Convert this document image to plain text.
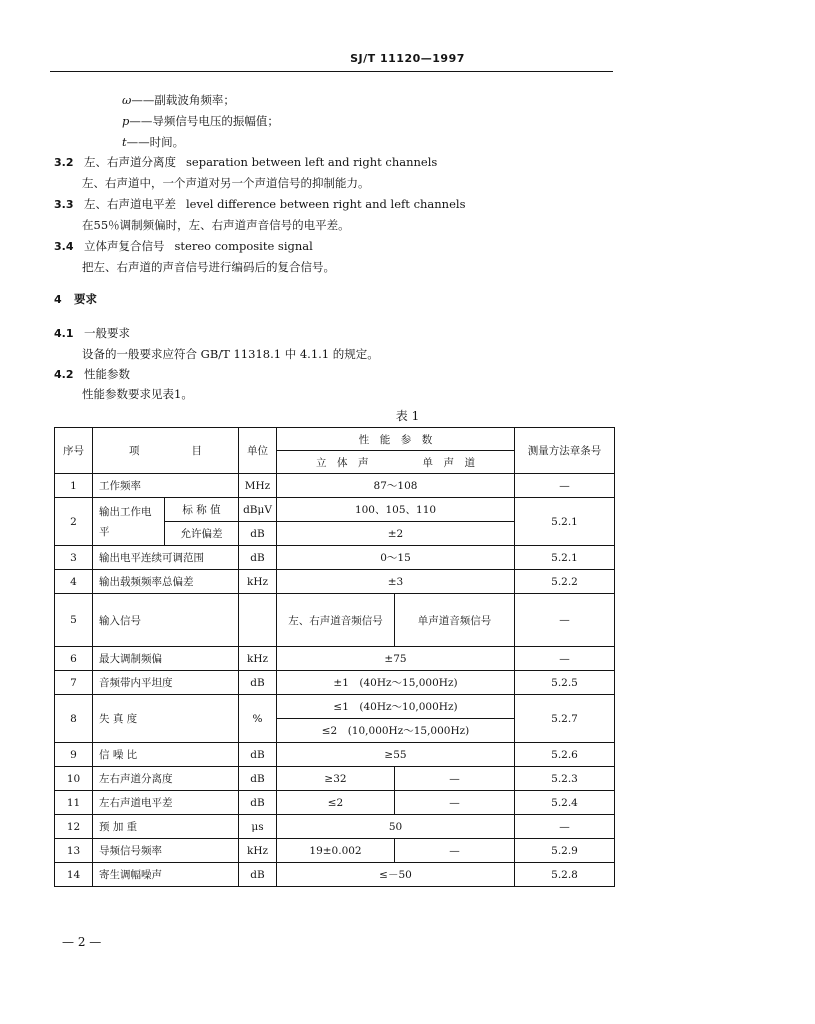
SJ/T 11120—1997
ω——副载波角频率；
p——导频信号电压的振幅值；
t——时间。
3.2 左、右声道分离度 separation between left and right channels
左、右声道中，一个声道对另一个声道信号的抑制能力。
3.3 左、右声道电平差 level difference between right and left channels
在55％调制频偏时，左、右声道声音信号的电平差。
3.4 立体声复合信号 stereo composite signal
把左、右声道的声音信号进行编码后的复合信号。
4 要求
4.1 一般要求
设备的一般要求应符合 GB/T 11318.1 中 4.1.1 的规定。
4.2 性能参数
性能参数要求见表1。
表 1
序号	项 目		单位	性　能　参　数		测量方法章条号
				立　体　声 单　声　道		
1	工作频率		MHz	87～108		—
2	输出工作电平	标 称 值	dBμV	100、105、110		5.2.1
		允许偏差	dB	±2		
3	输出电平连续可调范围		dB	0～15		5.2.1
4	输出载频频率总偏差		kHz	±3		5.2.2
5	输入信号			左、右声道音频信号	单声道音频信号	—
6	最大调制频偏		kHz	±75		—
7	音频带内平坦度		dB	±1　(40Hz～15,000Hz)		5.2.5
8	失 真 度		%	≤1　(40Hz～10,000Hz)		5.2.7
				≤2　(10,000Hz～15,000Hz)		
9	信 噪 比		dB	≥55		5.2.6
10	左右声道分离度		dB	≥32	—	5.2.3
11	左右声道电平差		dB	≤2	—	5.2.4
12	预 加 重		μs	50		—
13	导频信号频率		kHz	19±0.002	—	5.2.9
14	寄生调幅噪声		dB	≤－50		5.2.8
— 2 —
